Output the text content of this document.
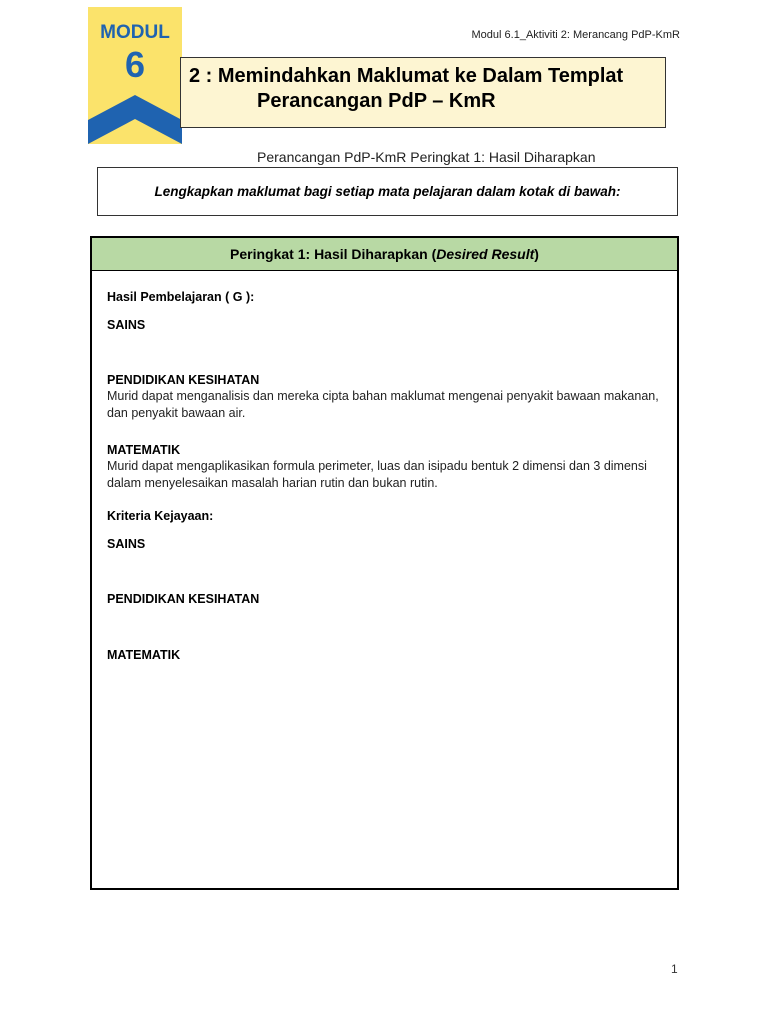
Modul 6.1_Aktiviti 2: Merancang PdP-KmR
MODUL
6 2 : Memindahkan Maklumat ke Dalam Templat
Perancangan PdP – KmR
Perancangan PdP-KmR Peringkat 1: Hasil Diharapkan
Lengkapkan maklumat bagi setiap mata pelajaran dalam kotak di bawah:
Peringkat 1: Hasil Diharapkan ( Desired Result )
Hasil Pembelajaran ( G ):
SAINS
PENDIDIKAN KESIHATAN
Murid dapat menganalisis dan mereka cipta bahan maklumat mengenai penyakit bawaan makanan, dan penyakit bawaan air.
MATEMATIK
Murid dapat mengaplikasikan formula perimeter, luas dan isipadu bentuk 2 dimensi dan 3 dimensi dalam menyelesaikan masalah harian rutin dan bukan rutin.
Kriteria Kejayaan:
SAINS
PENDIDIKAN KESIHATAN
MATEMATIK
1
